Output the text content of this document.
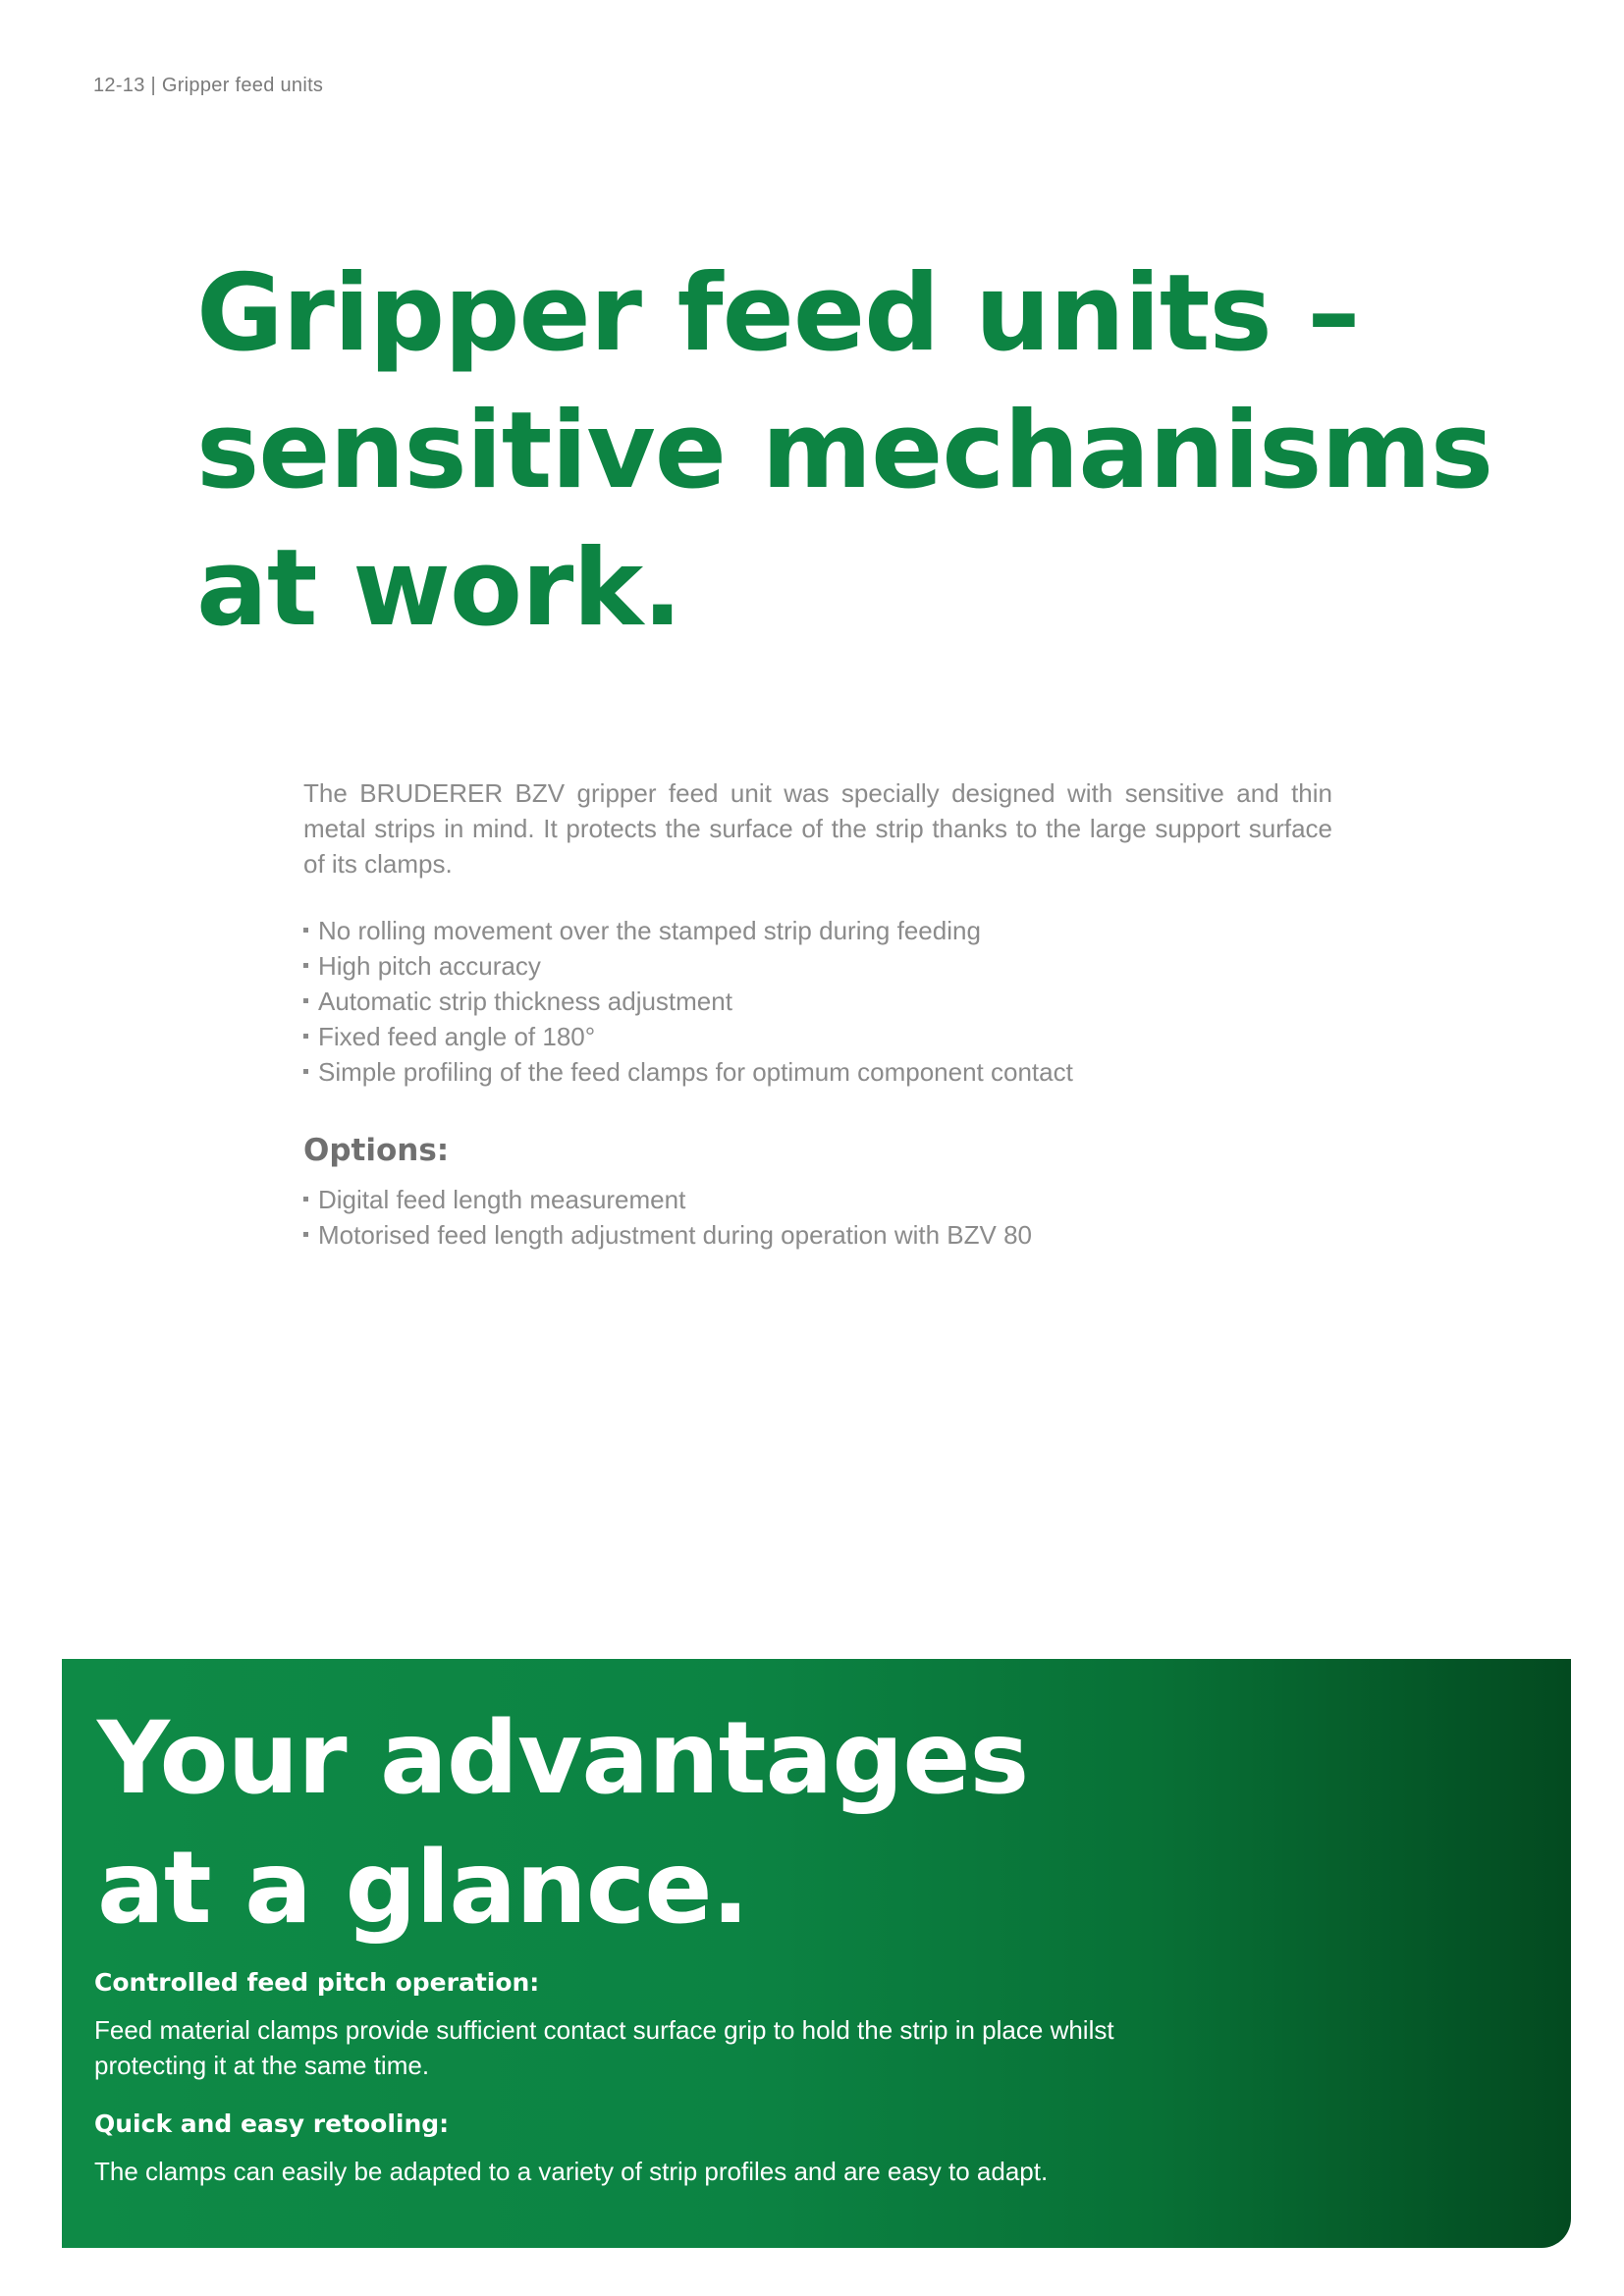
12-13 | Gripper feed units
Gripper feed units –
sensitive mechanisms
at work.

The BRUDERER BZV gripper feed unit was specially designed with sensitive and thin metal strips in mind. It protects the surface of the strip thanks to the large support surface of its clamps.

No rolling movement over the stamped strip during feeding
High pitch accuracy
Automatic strip thickness adjustment
Fixed feed angle of 180°
Simple profiling of the feed clamps for optimum component contact
Options:
Digital feed length measurement
Motorised feed length adjustment during operation with BZV 80
Your advantages
at a glance.
Controlled feed pitch operation:

Feed material clamps provide sufficient contact surface grip to hold the strip in place whilst protecting it at the same time.

Quick and easy retooling:

The clamps can easily be adapted to a variety of strip profiles and are easy to adapt.
